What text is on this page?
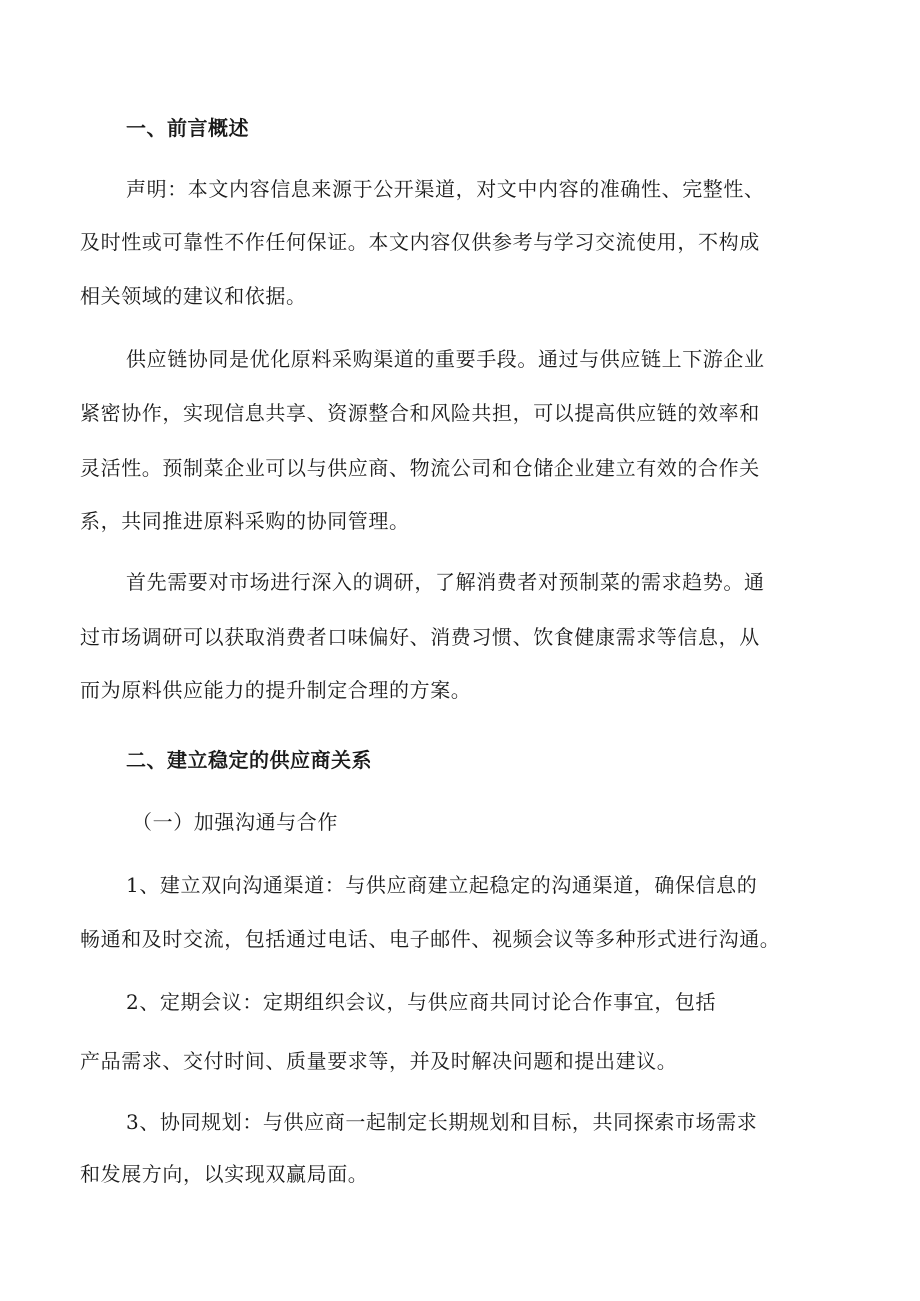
一、前言概述
声明：本文内容信息来源于公开渠道，对文中内容的准确性、完整性、
及时性或可靠性不作任何保证。本文内容仅供参考与学习交流使用，不构成
相关领域的建议和依据。
供应链协同是优化原料采购渠道的重要手段。通过与供应链上下游企业
紧密协作，实现信息共享、资源整合和风险共担，可以提高供应链的效率和
灵活性。预制菜企业可以与供应商、物流公司和仓储企业建立有效的合作关
系，共同推进原料采购的协同管理。
首先需要对市场进行深入的调研，了解消费者对预制菜的需求趋势。通
过市场调研可以获取消费者口味偏好、消费习惯、饮食健康需求等信息，从
而为原料供应能力的提升制定合理的方案。
二、建立稳定的供应商关系
（一）加强沟通与合作
1、建立双向沟通渠道：与供应商建立起稳定的沟通渠道，确保信息的
畅通和及时交流，包括通过电话、电子邮件、视频会议等多种形式进行沟通。
2、定期会议：定期组织会议，与供应商共同讨论合作事宜，包括
产品需求、交付时间、质量要求等，并及时解决问题和提出建议。
3、协同规划：与供应商一起制定长期规划和目标，共同探索市场需求
和发展方向，以实现双赢局面。
